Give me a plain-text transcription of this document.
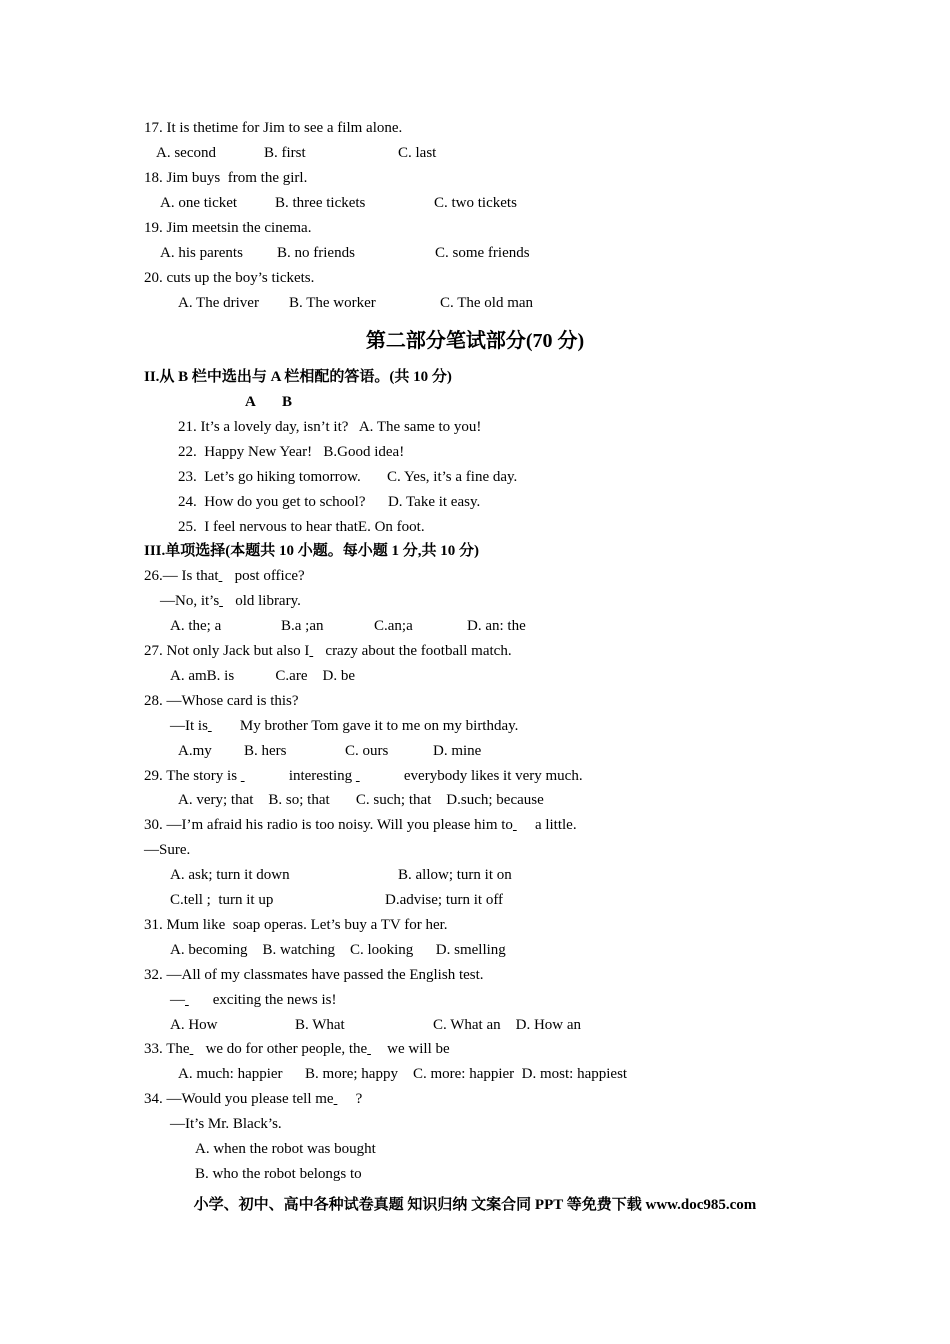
17. It is thetime for Jim to see a film alone.
A. second	B. first	C. last
18. Jim buys  from the girl.
A. one ticket	B. three tickets	C. two tickets
19. Jim meetsin the cinema.
A. his parents B. no friends	C. some friends
20. cuts up the boy’s tickets.
A. The driver B. The worker	C. The old man
第二部分笔试部分(70 分)
II.从 B 栏中选出与 A 栏相配的答语。(共 10 分)
A B
21. It’s a lovely day, isn’t it?   A. The same to you!
22.  Happy New Year!   B.Good idea!
23.  Let’s go hiking tomorrow.       C. Yes, it’s a fine day.
24.  How do you get to school?      D. Take it easy.
25.  I feel nervous to hear thatE. On foot.
III.单项选择(本题共 10 小题。每小题 1 分,共 10 分)
26.— Is that post office?
—No, it’s old library.
A. the; a	B.a ;an	C.an;a	D. an: the
27. Not only Jack but also I crazy about the football match.
A. amB. is           C.are    D. be
28. —Whose card is this?
—It is My brother Tom gave it to me on my birthday.
A.my B. hers	C. ours	D. mine
29. The story is	interesting	everybody likes it very much.
A. very; that    B. so; that       C. such; that    D.such; because
30. —I’m afraid his radio is too noisy. Will you please him to a little.
—Sure.
A. ask; turn it down	B. allow; turn it on
C.tell ;  turn it up	D.advise; turn it off
31. Mum like  soap operas. Let’s buy a TV for her.
A. becoming    B. watching    C. looking      D. smelling
32. —All of my classmates have passed the English test.
—  exciting the news is!
A. How	B. What	C. What an    D. How an
33. The we do for other people, the we will be
A. much: happier      B. more; happy    C. more: happier  D. most: happiest
34. —Would you please tell me ?
—It’s Mr. Black’s.
A. when the robot was bought
B. who the robot belongs to
小学、初中、高中各种试卷真题 知识归纳 文案合同 PPT 等免费下载 www.doc985.com
